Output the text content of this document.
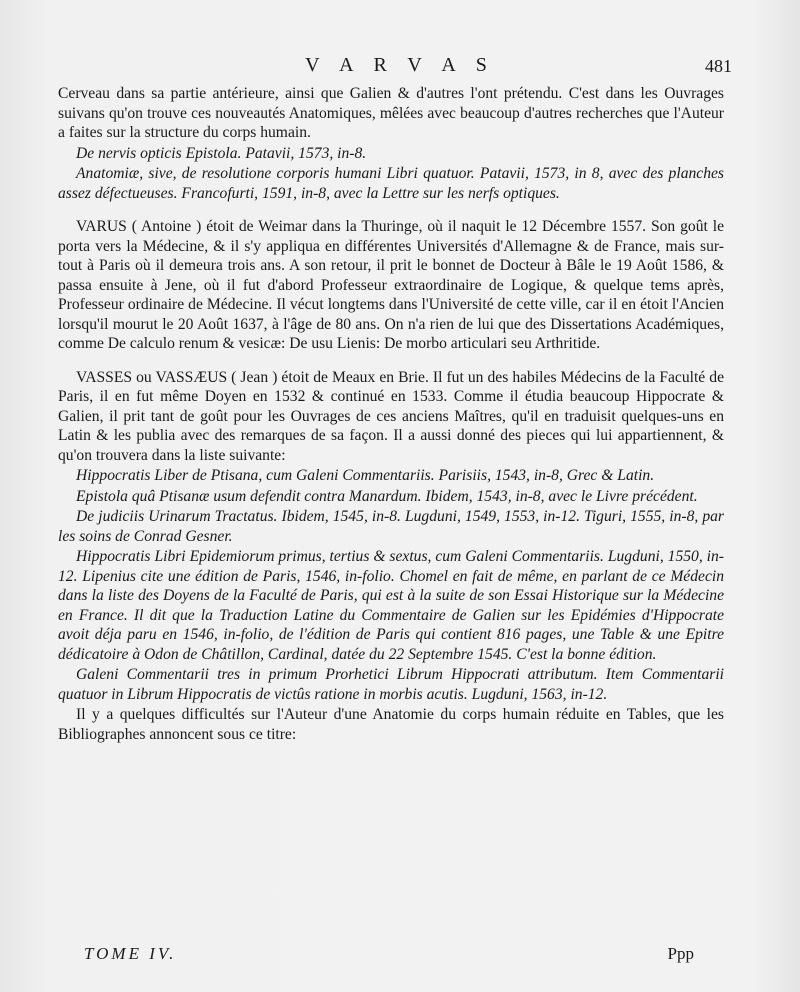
V A R V A S	481

Cerveau dans sa partie antérieure, ainsi que Galien & d'autres l'ont prétendu. C'est dans les Ouvrages suivans qu'on trouve ces nouveautés Anatomiques, mêlées avec beaucoup d'autres recherches que l'Auteur a faites sur la structure du corps humain.

De nervis opticis Epistola. Patavii, 1573, in-8.

Anatomiæ, sive, de resolutione corporis humani Libri quatuor. Patavii, 1573, in 8, avec des planches assez défectueuses. Francofurti, 1591, in-8, avec la Lettre sur les nerfs optiques.

VARUS ( Antoine ) étoit de Weimar dans la Thuringe, où il naquit le 12 Décembre 1557. Son goût le porta vers la Médecine, & il s'y appliqua en différentes Universités d'Allemagne & de France, mais sur-tout à Paris où il demeura trois ans. A son retour, il prit le bonnet de Docteur à Bâle le 19 Août 1586, & passa ensuite à Jene, où il fut d'abord Professeur extraordinaire de Logique, & quelque tems après, Professeur ordinaire de Médecine. Il vécut longtems dans l'Université de cette ville, car il en étoit l'Ancien lorsqu'il mourut le 20 Août 1637, à l'âge de 80 ans. On n'a rien de lui que des Dissertations Académiques, comme De calculo renum & vesicæ: De usu Lienis: De morbo articulari seu Arthritide.

VASSES ou VASSÆUS ( Jean ) étoit de Meaux en Brie. Il fut un des habiles Médecins de la Faculté de Paris, il en fut même Doyen en 1532 & continué en 1533. Comme il étudia beaucoup Hippocrate & Galien, il prit tant de goût pour les Ouvrages de ces anciens Maîtres, qu'il en traduisit quelques-uns en Latin & les publia avec des remarques de sa façon. Il a aussi donné des pieces qui lui appartiennent, & qu'on trouvera dans la liste suivante:

Hippocratis Liber de Ptisana, cum Galeni Commentariis. Parisiis, 1543, in-8, Grec & Latin.

Epistola quâ Ptisanæ usum defendit contra Manardum. Ibidem, 1543, in-8, avec le Livre précédent.

De judiciis Urinarum Tractatus. Ibidem, 1545, in-8. Lugduni, 1549, 1553, in-12. Tiguri, 1555, in-8, par les soins de Conrad Gesner.

Hippocratis Libri Epidemiorum primus, tertius & sextus, cum Galeni Commentariis. Lugduni, 1550, in-12. Lipenius cite une édition de Paris, 1546, in-folio. Chomel en fait de même, en parlant de ce Médecin dans la liste des Doyens de la Faculté de Paris, qui est à la suite de son Essai Historique sur la Médecine en France. Il dit que la Traduction Latine du Commentaire de Galien sur les Epidémies d'Hippocrate avoit déja paru en 1546, in-folio, de l'édition de Paris qui contient 816 pages, une Table & une Epitre dédicatoire à Odon de Châtillon, Cardinal, datée du 22 Septembre 1545. C'est la bonne édition.

Galeni Commentarii tres in primum Prorhetici Librum Hippocrati attributum. Item Commentarii quatuor in Librum Hippocratis de victûs ratione in morbis acutis. Lugduni, 1563, in-12.

Il y a quelques difficultés sur l'Auteur d'une Anatomie du corps humain réduite en Tables, que les Bibliographes annoncent sous ce titre:

TOME IV.	Ppp
